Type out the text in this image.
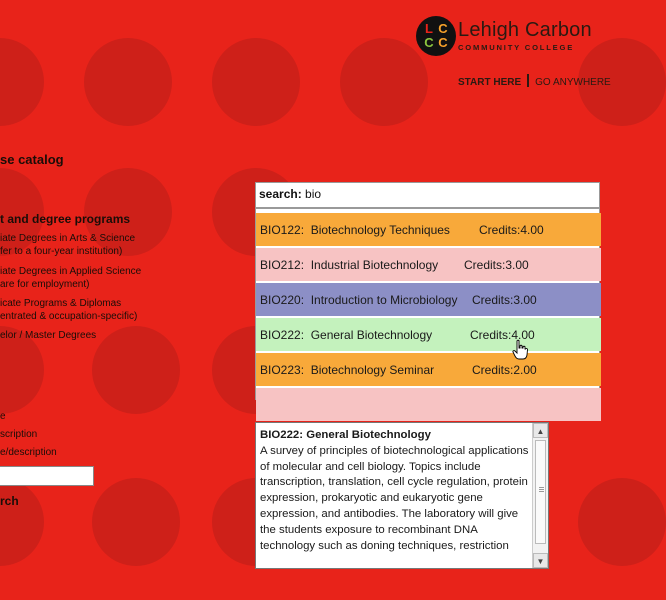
L C
C C
Lehigh Carbon
COMMUNITY COLLEGE
START HERE GO ANYWHERE
se catalog
t and degree programs
iate Degrees in Arts & Science
fer to a four-year institution)
iate Degrees in Applied Science
are for employment)
icate Programs & Diplomas
entrated & occupation-specific)
elor / Master Degrees
e
scription
e/description
rch
search: bio
BIO122: Biotechnology Techniques Credits:4.00
BIO212: Industrial Biotechnology Credits:3.00
BIO220: Introduction to Microbiology Credits:3.00
BIO222: General Biotechnology	Credits:4.00
BIO223: Biotechnology Seminar	Credits:2.00
BIO222: General Biotechnology
A survey of principles of biotechnological applications of molecular and cell biology. Topics include transcription, translation, cell cycle regulation, protein expression, prokaryotic and eukaryotic gene expression, and antibodies. The laboratory will give the students exposure to recombinant DNA technology such as doning techniques, restriction
▲
▼
